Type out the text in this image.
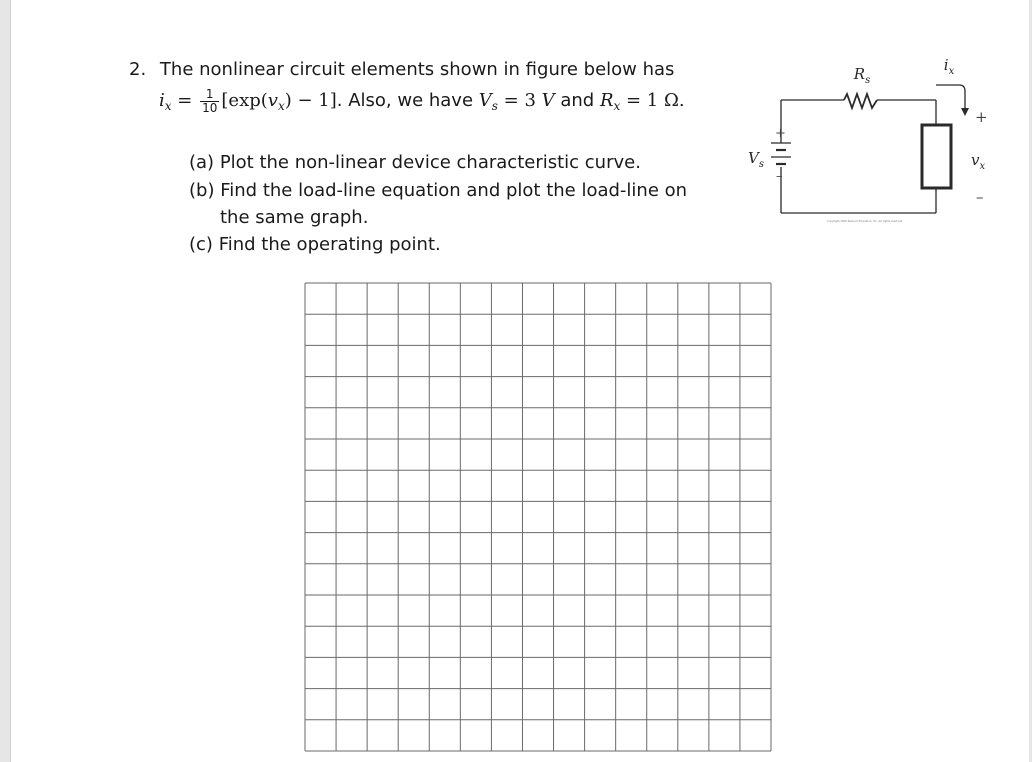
2. The nonlinear circuit elements shown in figure below has
$i_x = \frac{1}{10} [\exp(v_x) - 1]$. Also, we have $V_s = 3$ V and $R_x = 1$ Ω.
(a) Plot the non-linear device characteristic curve.
(b) Find the load-line equation and plot the load-line on
the same graph.
(c) Find the operating point.
$R_s$
$i_x$
$V_s$	$v_x$
+
–
+
–
Copyright 2008 Pearson Education, Inc. All rights reserved.
